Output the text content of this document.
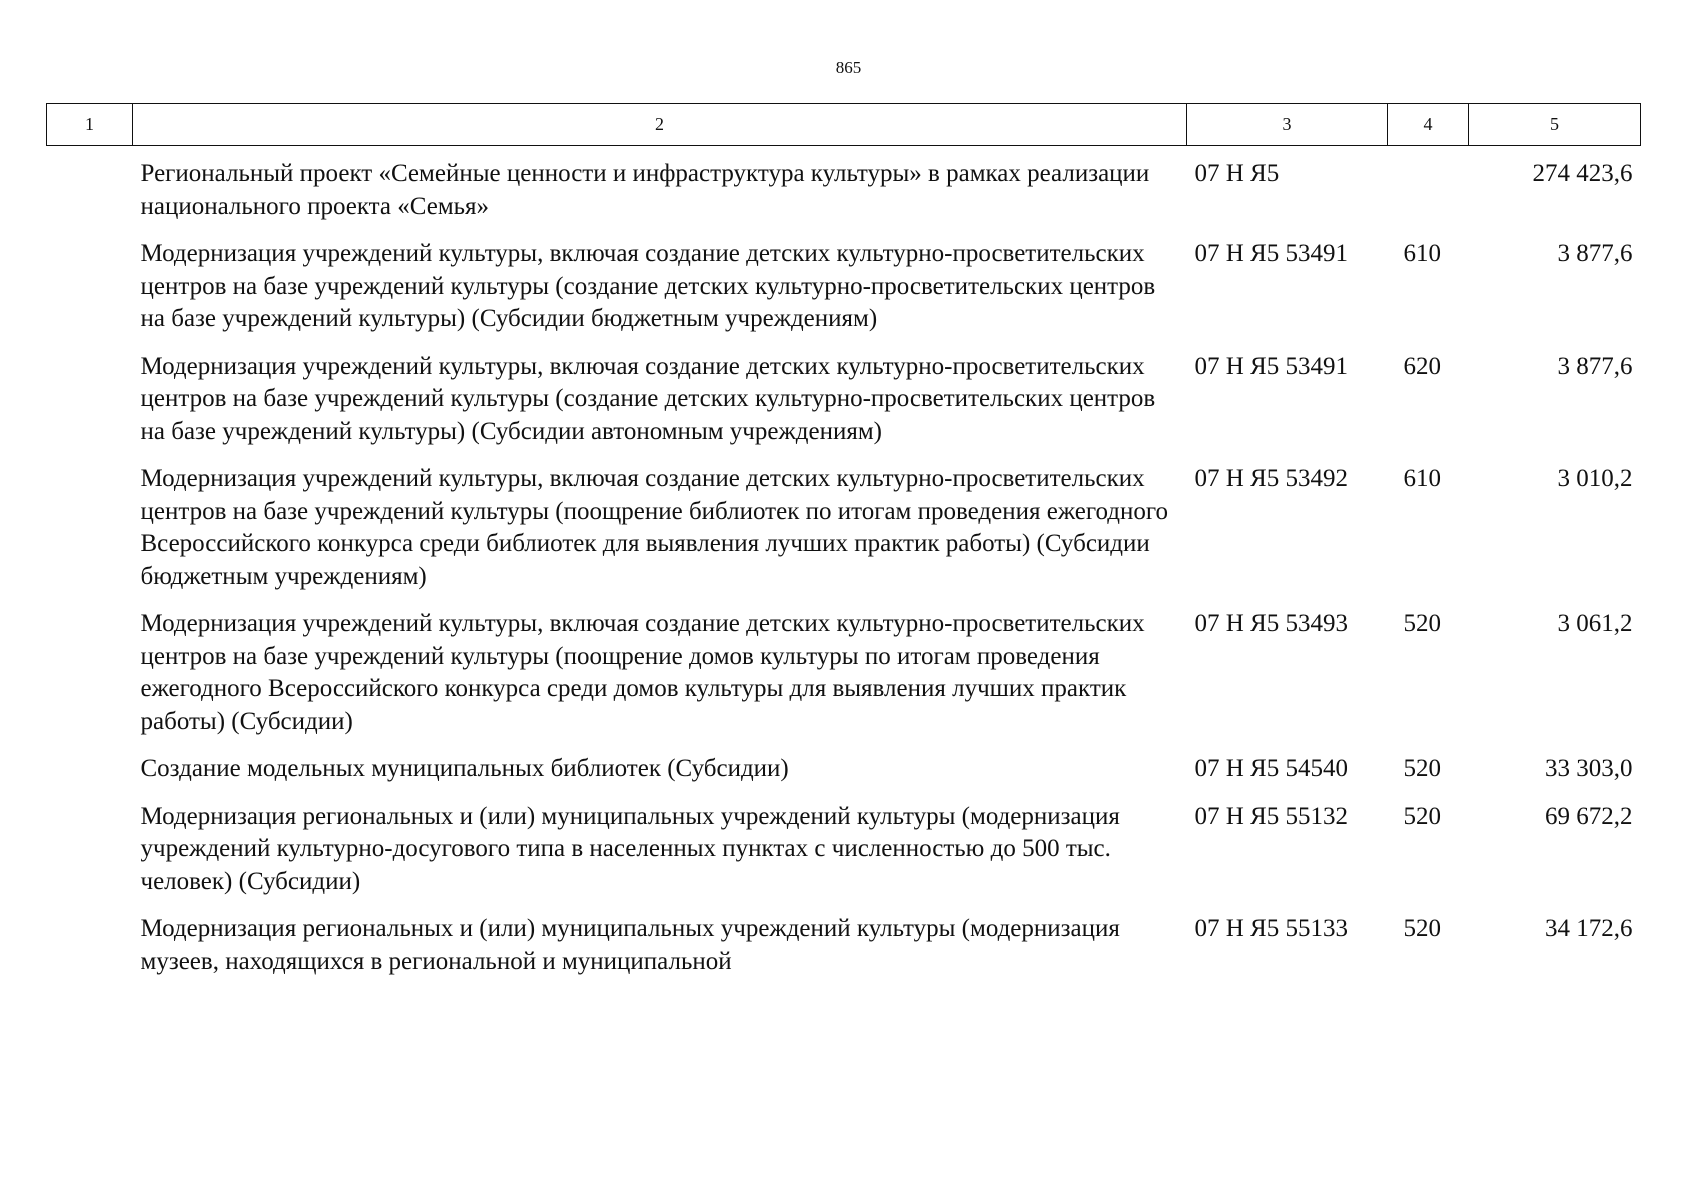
865
1	2	3	4	5
	Региональный проект «Семейные ценности и инфраструктура культуры» в рамках реализации национального проекта «Семья»	07 Н Я5		274 423,6
	Модернизация учреждений культуры, включая создание детских культурно-просветительских центров на базе учреждений культуры (создание детских культурно-просветительских центров на базе учреждений культуры) (Субсидии бюджетным учреждениям)	07 Н Я5 53491	610	3 877,6
	Модернизация учреждений культуры, включая создание детских культурно-просветительских центров на базе учреждений культуры (создание детских культурно-просветительских центров на базе учреждений культуры) (Субсидии автономным учреждениям)	07 Н Я5 53491	620	3 877,6
	Модернизация учреждений культуры, включая создание детских культурно-просветительских центров на базе учреждений культуры (поощрение библиотек по итогам проведения ежегодного Всероссийского конкурса среди библиотек для выявления лучших практик работы) (Субсидии бюджетным учреждениям)	07 Н Я5 53492	610	3 010,2
	Модернизация учреждений культуры, включая создание детских культурно-просветительских центров на базе учреждений культуры (поощрение домов культуры по итогам проведения ежегодного Всероссийского конкурса среди домов культуры для выявления лучших практик работы) (Субсидии)	07 Н Я5 53493	520	3 061,2
	Создание модельных муниципальных библиотек (Субсидии)	07 Н Я5 54540	520	33 303,0
	Модернизация региональных и (или) муниципальных учреждений культуры (модернизация учреждений культурно-досугового типа в населенных пунктах с численностью до 500 тыс. человек) (Субсидии)	07 Н Я5 55132	520	69 672,2
	Модернизация региональных и (или) муниципальных учреждений культуры (модернизация музеев, находящихся в региональной и муниципальной	07 Н Я5 55133	520	34 172,6
